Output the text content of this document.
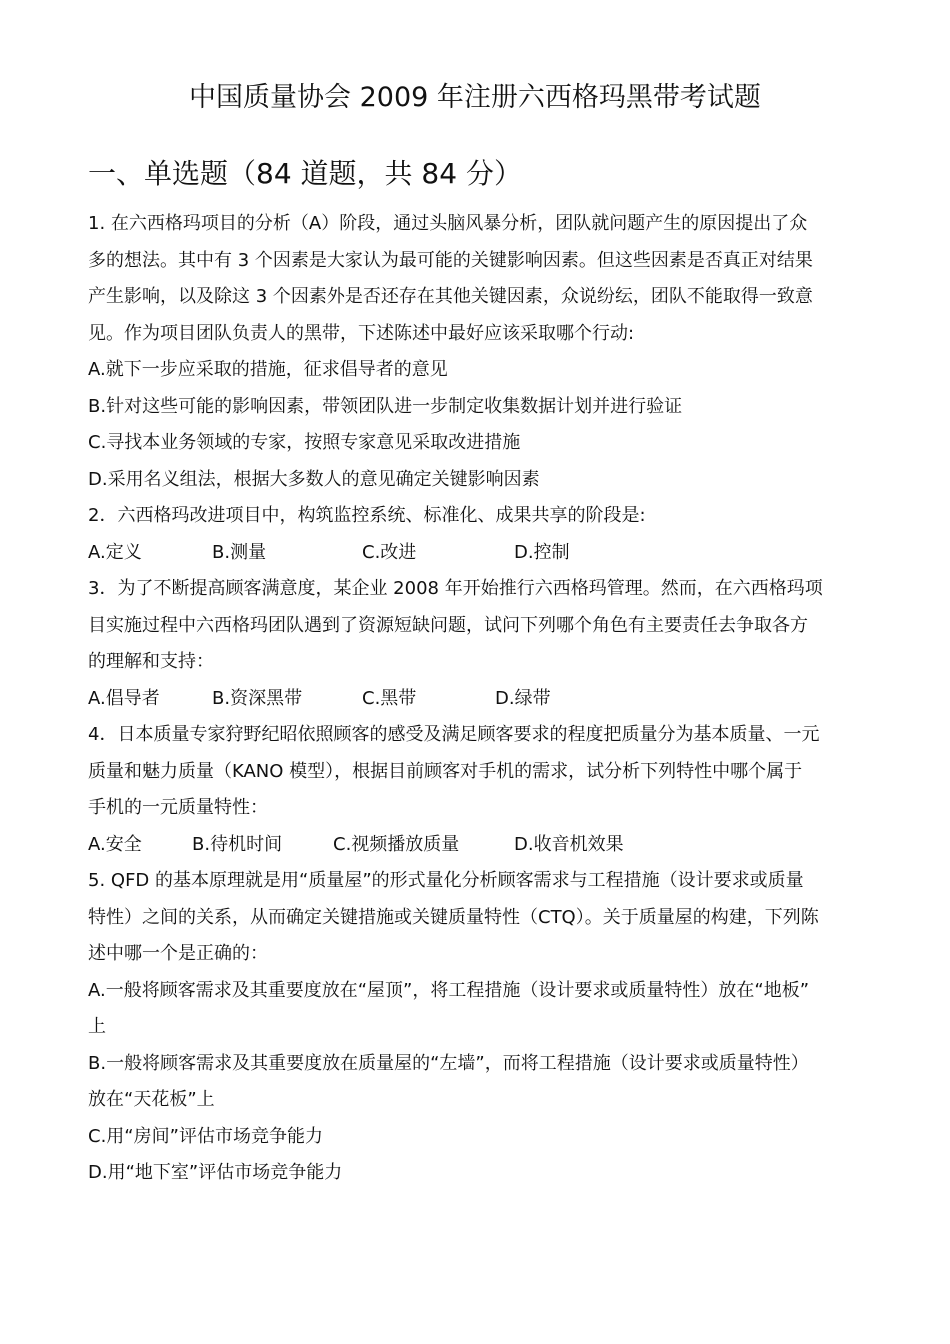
中国质量协会 2009 年注册六西格玛黑带考试题
一、单选题（84 道题，共 84 分）
1. 在六西格玛项目的分析（A）阶段，通过头脑风暴分析，团队就问题产生的原因提出了众
多的想法。其中有 3 个因素是大家认为最可能的关键影响因素。但这些因素是否真正对结果
产生影响，以及除这 3 个因素外是否还存在其他关键因素，众说纷纭，团队不能取得一致意
见。作为项目团队负责人的黑带，下述陈述中最好应该采取哪个行动:
A.就下一步应采取的措施，征求倡导者的意见
B.针对这些可能的影响因素，带领团队进一步制定收集数据计划并进行验证
C.寻找本业务领域的专家，按照专家意见采取改进措施
D.采用名义组法，根据大多数人的意见确定关键影响因素
2．六西格玛改进项目中，构筑监控系统、标准化、成果共享的阶段是:
A.定义	B.测量	C.改进	D.控制
3．为了不断提高顾客满意度，某企业 2008 年开始推行六西格玛管理。然而，在六西格玛项
目实施过程中六西格玛团队遇到了资源短缺问题，试问下列哪个角色有主要责任去争取各方
的理解和支持：
A.倡导者	B.资深黑带	C.黑带	D.绿带
4．日本质量专家狩野纪昭依照顾客的感受及满足顾客要求的程度把质量分为基本质量、一元
质量和魅力质量（KANO 模型），根据目前顾客对手机的需求，试分析下列特性中哪个属于
手机的一元质量特性：
A.安全	B.待机时间	C.视频播放质量	D.收音机效果
5. QFD 的基本原理就是用“质量屋”的形式量化分析顾客需求与工程措施（设计要求或质量
特性）之间的关系，从而确定关键措施或关键质量特性（CTQ）。关于质量屋的构建，下列陈
述中哪一个是正确的：
A.一般将顾客需求及其重要度放在“屋顶”，将工程措施（设计要求或质量特性）放在“地板”
上
B.一般将顾客需求及其重要度放在质量屋的“左墙”，而将工程措施（设计要求或质量特性）
放在“天花板”上
C.用“房间”评估市场竞争能力
D.用“地下室”评估市场竞争能力
